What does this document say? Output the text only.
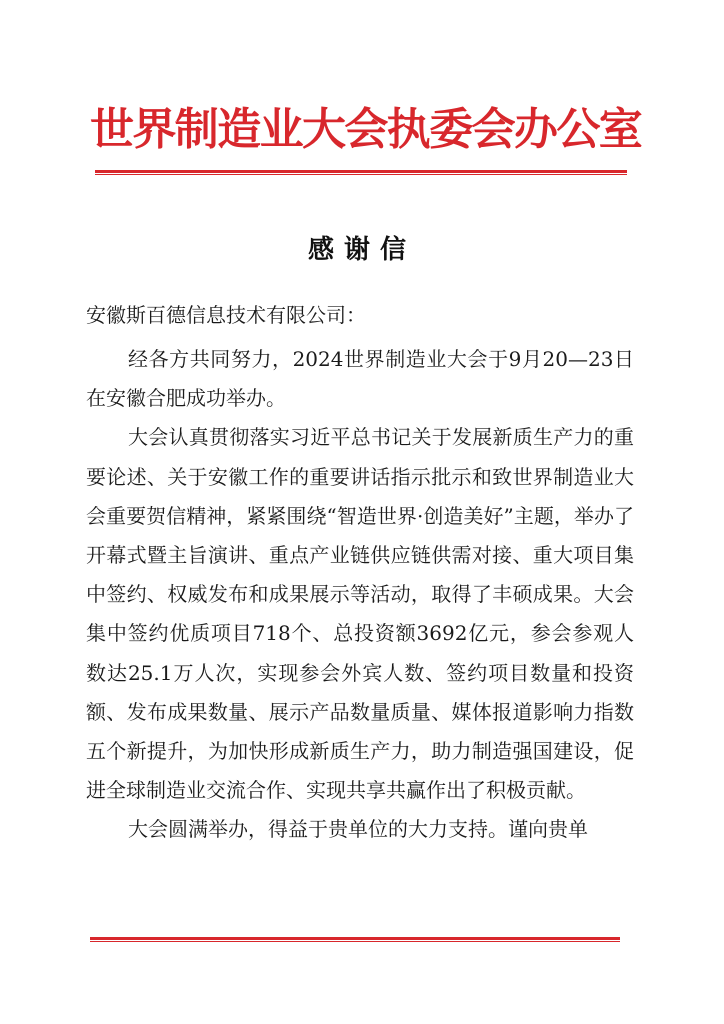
世界制造业大会执委会办公室
感谢信
安徽斯百德信息技术有限公司：

经各方共同努力，2024世界制造业大会于9月20—23日在安徽合肥成功举办。

大会认真贯彻落实习近平总书记关于发展新质生产力的重要论述、关于安徽工作的重要讲话指示批示和致世界制造业大会重要贺信精神，紧紧围绕“智造世界·创造美好”主题，举办了开幕式暨主旨演讲、重点产业链供应链供需对接、重大项目集中签约、权威发布和成果展示等活动，取得了丰硕成果。大会集中签约优质项目718个、总投资额3692亿元，参会参观人数达25.1万人次，实现参会外宾人数、签约项目数量和投资额、发布成果数量、展示产品数量质量、媒体报道影响力指数五个新提升，为加快形成新质生产力，助力制造强国建设，促进全球制造业交流合作、实现共享共赢作出了积极贡献。

大会圆满举办，得益于贵单位的大力支持。谨向贵单
